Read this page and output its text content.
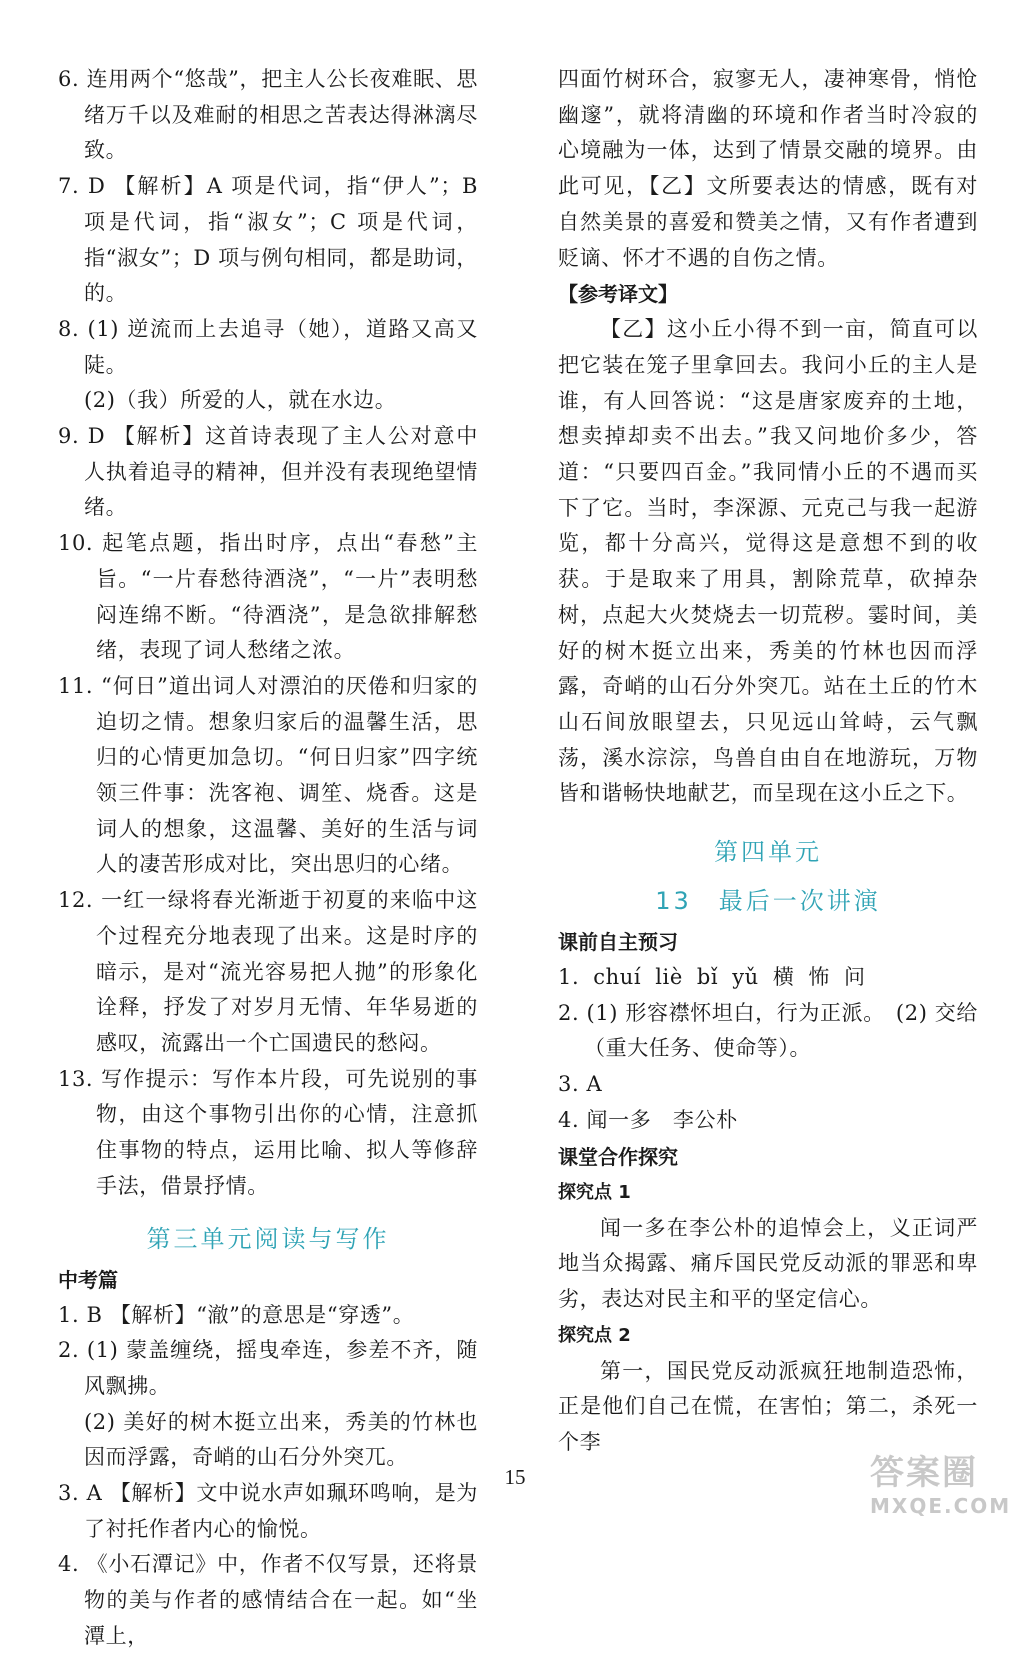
6. 连用两个“悠哉”，把主人公长夜难眠、思绪万千以及难耐的相思之苦表达得淋漓尽致。

7. D 【解析】A 项是代词，指“伊人”；B 项是代词，指“淑女”；C 项是代词，指“淑女”；D 项与例句相同，都是助词，的。

8. (1) 逆流而上去追寻（她），道路又高又陡。

(2)（我）所爱的人，就在水边。

9. D 【解析】这首诗表现了主人公对意中人执着追寻的精神，但并没有表现绝望情绪。

10. 起笔点题，指出时序，点出“春愁”主旨。“一片春愁待酒浇”，“一片”表明愁闷连绵不断。“待酒浇”，是急欲排解愁绪，表现了词人愁绪之浓。

11. “何日”道出词人对漂泊的厌倦和归家的迫切之情。想象归家后的温馨生活，思归的心情更加急切。“何日归家”四字统领三件事：洗客袍、调笙、烧香。这是词人的想象，这温馨、美好的生活与词人的凄苦形成对比，突出思归的心绪。

12. 一红一绿将春光渐逝于初夏的来临中这个过程充分地表现了出来。这是时序的暗示，是对“流光容易把人抛”的形象化诠释，抒发了对岁月无情、年华易逝的感叹，流露出一个亡国遗民的愁闷。

13. 写作提示：写作本片段，可先说别的事物，由这个事物引出你的心情，注意抓住事物的特点，运用比喻、拟人等修辞手法，借景抒情。

第三单元阅读与写作

中考篇

1. B 【解析】“澈”的意思是“穿透”。

2. (1) 蒙盖缠绕，摇曳牵连，参差不齐，随风飘拂。

(2) 美好的树木挺立出来，秀美的竹林也因而浮露，奇峭的山石分外突兀。

3. A 【解析】文中说水声如珮环鸣响，是为了衬托作者内心的愉悦。

4. 《小石潭记》中，作者不仅写景，还将景物的美与作者的感情结合在一起。如“坐潭上，

四面竹树环合，寂寥无人，凄神寒骨，悄怆幽邃”，就将清幽的环境和作者当时冷寂的心境融为一体，达到了情景交融的境界。由此可见，【乙】文所要表达的情感，既有对自然美景的喜爱和赞美之情，又有作者遭到贬谪、怀才不遇的自伤之情。

【参考译文】

【乙】这小丘小得不到一亩，简直可以把它装在笼子里拿回去。我问小丘的主人是谁，有人回答说：“这是唐家废弃的土地，想卖掉却卖不出去。”我又问地价多少，答道：“只要四百金。”我同情小丘的不遇而买下了它。当时，李深源、元克己与我一起游览，都十分高兴，觉得这是意想不到的收获。于是取来了用具，割除荒草，砍掉杂树，点起大火焚烧去一切荒秽。霎时间，美好的树木挺立出来，秀美的竹林也因而浮露，奇峭的山石分外突兀。站在土丘的竹木山石间放眼望去，只见远山耸峙，云气飘荡，溪水淙淙，鸟兽自由自在地游玩，万物皆和谐畅快地献艺，而呈现在这小丘之下。

第四单元

13　最后一次讲演

课前自主预习

1. chuí liè bǐ yǔ 横 怖 问

2. (1) 形容襟怀坦白，行为正派。　(2) 交给（重大任务、使命等）。

3. A

4. 闻一多　李公朴

课堂合作探究

探究点 1

闻一多在李公朴的追悼会上，义正词严地当众揭露、痛斥国民党反动派的罪恶和卑劣，表达对民主和平的坚定信心。

探究点 2

第一，国民党反动派疯狂地制造恐怖，正是他们自己在慌，在害怕；第二，杀死一个李

15	答案圈
MXQE.COM
